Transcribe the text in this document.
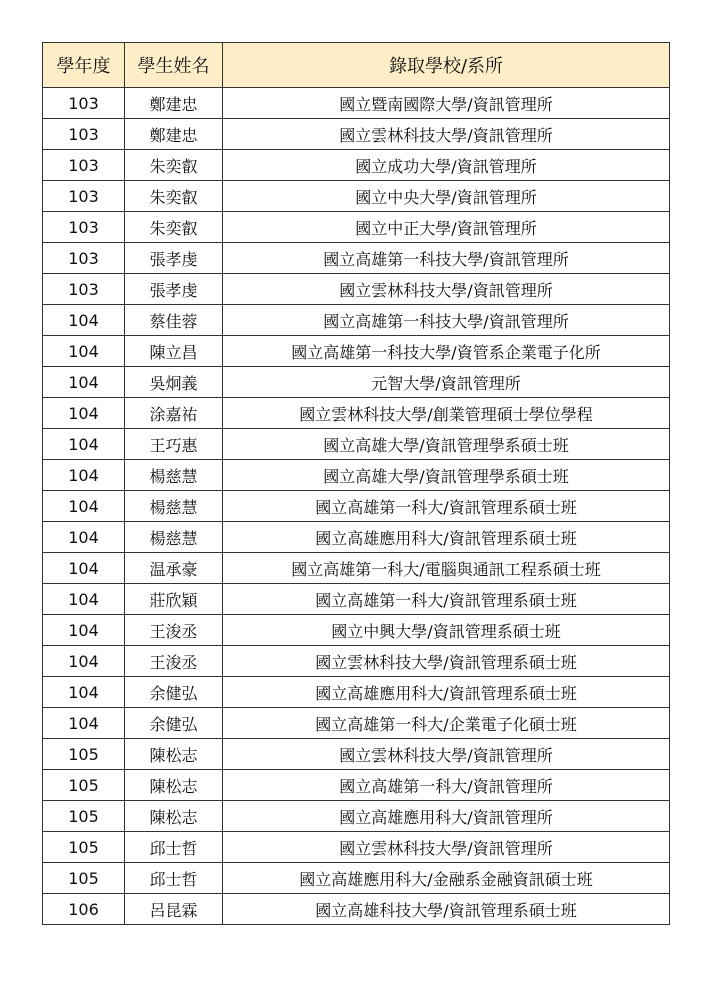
學年度	學生姓名	錄取學校/系所
103	鄭建忠	國立暨南國際大學/資訊管理所
103	鄭建忠	國立雲林科技大學/資訊管理所
103	朱奕叡	國立成功大學/資訊管理所
103	朱奕叡	國立中央大學/資訊管理所
103	朱奕叡	國立中正大學/資訊管理所
103	張孝虔	國立高雄第一科技大學/資訊管理所
103	張孝虔	國立雲林科技大學/資訊管理所
104	蔡佳蓉	國立高雄第一科技大學/資訊管理所
104	陳立昌	國立高雄第一科技大學/資管系企業電子化所
104	吳炯義	元智大學/資訊管理所
104	涂嘉祐	國立雲林科技大學/創業管理碩士學位學程
104	王巧惠	國立高雄大學/資訊管理學系碩士班
104	楊慈慧	國立高雄大學/資訊管理學系碩士班
104	楊慈慧	國立高雄第一科大/資訊管理系碩士班
104	楊慈慧	國立高雄應用科大/資訊管理系碩士班
104	温承豪	國立高雄第一科大/電腦與通訊工程系碩士班
104	莊欣穎	國立高雄第一科大/資訊管理系碩士班
104	王浚丞	國立中興大學/資訊管理系碩士班
104	王浚丞	國立雲林科技大學/資訊管理系碩士班
104	余健弘	國立高雄應用科大/資訊管理系碩士班
104	余健弘	國立高雄第一科大/企業電子化碩士班
105	陳松志	國立雲林科技大學/資訊管理所
105	陳松志	國立高雄第一科大/資訊管理所
105	陳松志	國立高雄應用科大/資訊管理所
105	邱士哲	國立雲林科技大學/資訊管理所
105	邱士哲	國立高雄應用科大/金融系金融資訊碩士班
106	呂昆霖	國立高雄科技大學/資訊管理系碩士班
